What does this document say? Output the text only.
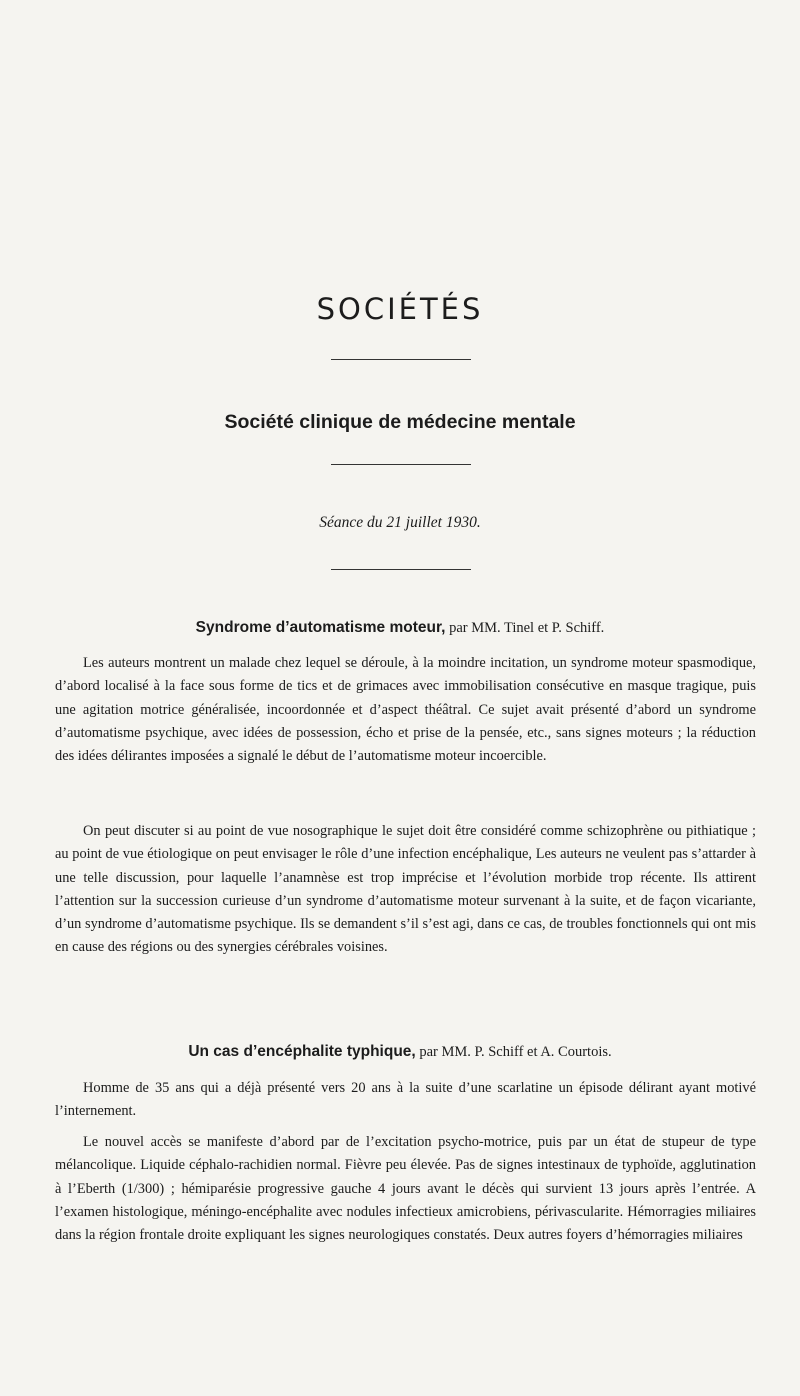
SOCIÉTÉS
Société clinique de médecine mentale

Séance du 21 juillet 1930.

Syndrome d’automatisme moteur, par MM. Tinel et P. Schiff.

Les auteurs montrent un malade chez lequel se déroule, à la moindre incitation, un syndrome moteur spasmodique, d’abord localisé à la face sous forme de tics et de grimaces avec immobilisation consécutive en masque tragique, puis une agitation motrice généralisée, incoordonnée et d’aspect théâtral. Ce sujet avait présenté d’abord un syndrome d’automatisme psychique, avec idées de possession, écho et prise de la pensée, etc., sans signes moteurs ; la réduction des idées délirantes imposées a signalé le début de l’automatisme moteur incoercible.

On peut discuter si au point de vue nosographique le sujet doit être considéré comme schizophrène ou pithiatique ; au point de vue étiologique on peut envisager le rôle d’une infection encéphalique, Les auteurs ne veulent pas s’attarder à une telle discussion, pour laquelle l’anamnèse est trop imprécise et l’évolution morbide trop récente. Ils attirent l’attention sur la succession curieuse d’un syndrome d’automatisme moteur survenant à la suite, et de façon vicariante, d’un syndrome d’automatisme psychique. Ils se demandent s’il s’est agi, dans ce cas, de troubles fonctionnels qui ont mis en cause des régions ou des synergies cérébrales voisines.

Un cas d’encéphalite typhique, par MM. P. Schiff et A. Courtois.

Homme de 35 ans qui a déjà présenté vers 20 ans à la suite d’une scarlatine un épisode délirant ayant motivé l’internement.

Le nouvel accès se manifeste d’abord par de l’excitation psycho-motrice, puis par un état de stupeur de type mélancolique. Liquide céphalo-rachidien normal. Fièvre peu élevée. Pas de signes intestinaux de typhoïde, agglutination à l’Eberth (1/300) ; hémiparésie progressive gauche 4 jours avant le décès qui survient 13 jours après l’entrée. A l’examen histologique, méningo-encéphalite avec nodules infectieux amicrobiens, périvascularite. Hémorragies miliaires dans la région frontale droite expliquant les signes neurologiques constatés. Deux autres foyers d’hémorragies miliaires
